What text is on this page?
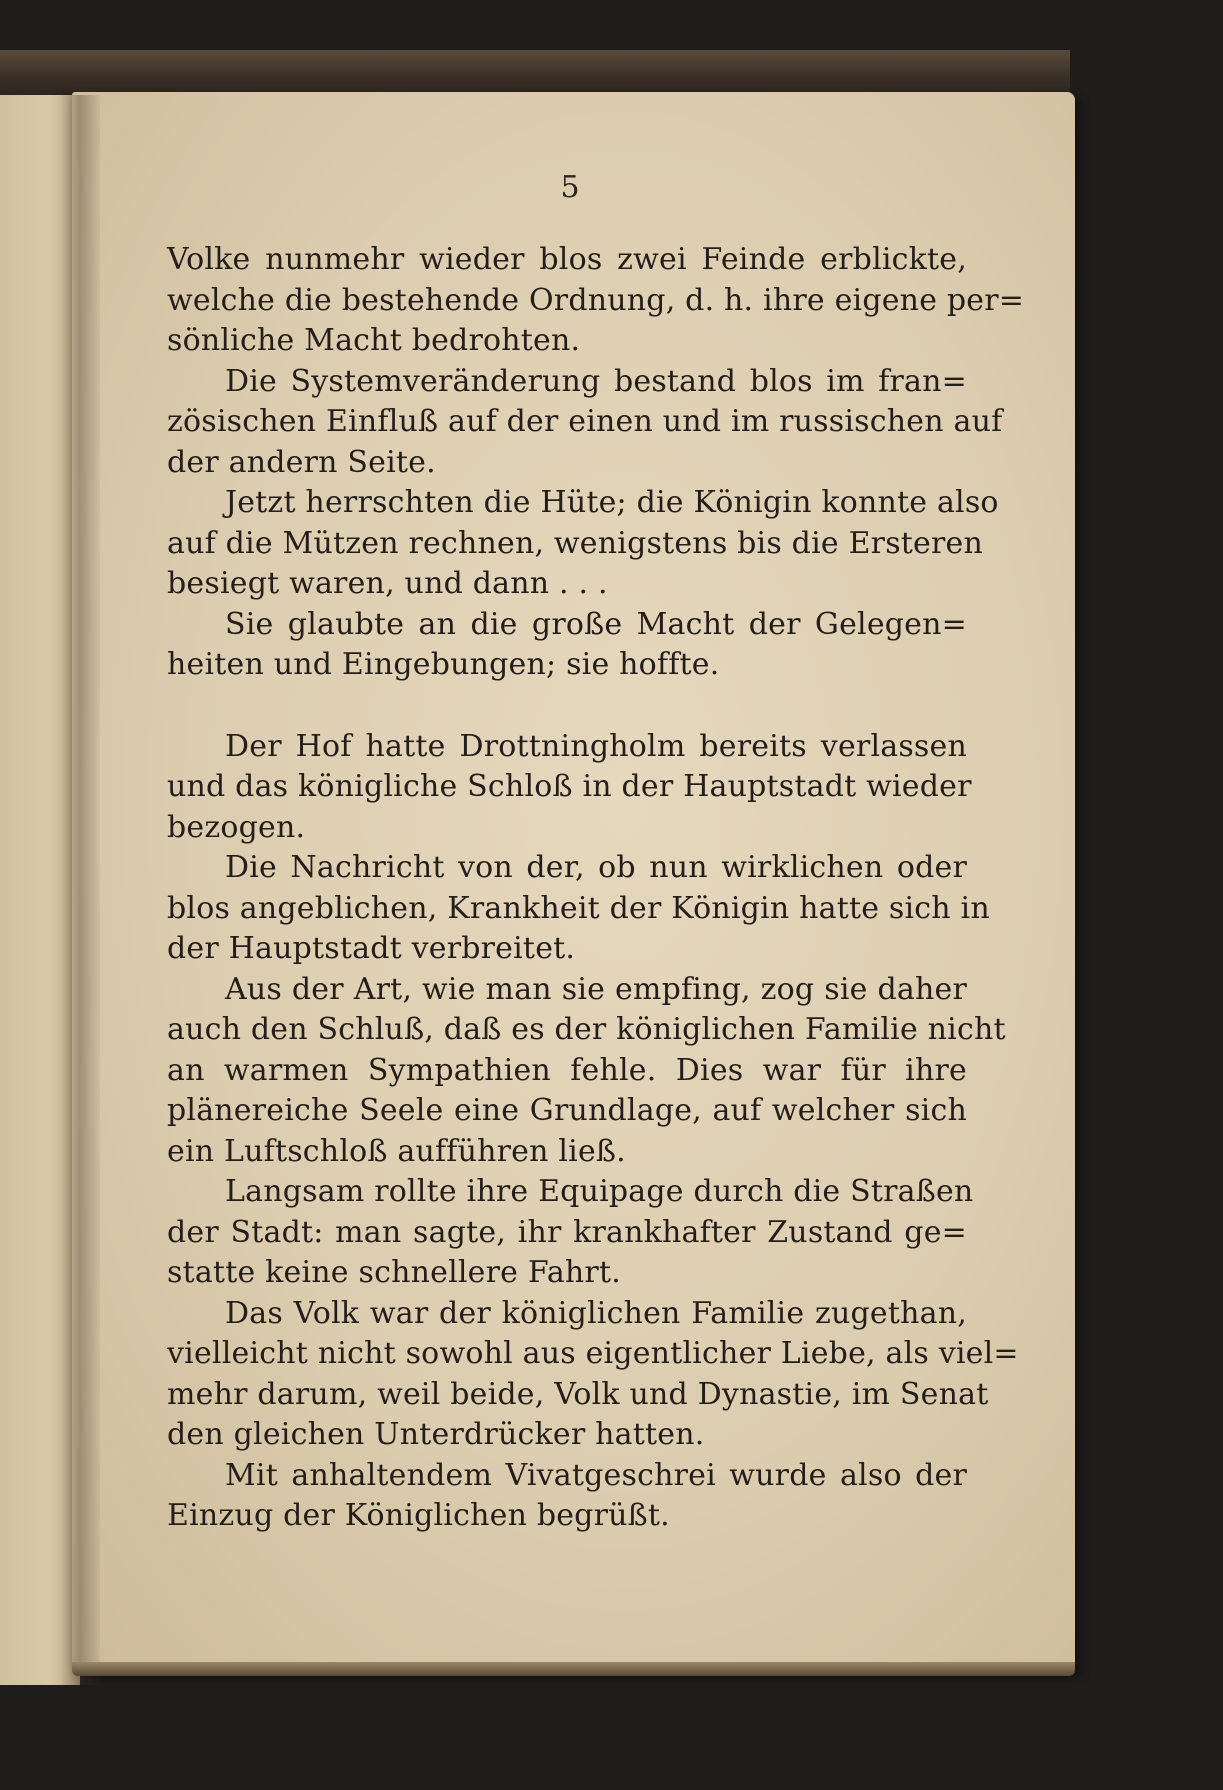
5
Volke nunmehr wieder blos zwei Feinde erblickte,
welche die bestehende Ordnung, d. h. ihre eigene per=
sönliche Macht bedrohten.
Die Systemveränderung bestand blos im fran=
zösischen Einfluß auf der einen und im russischen auf
der andern Seite.
Jetzt herrschten die Hüte; die Königin konnte also
auf die Mützen rechnen, wenigstens bis die Ersteren
besiegt waren, und dann . . .
Sie glaubte an die große Macht der Gelegen=
heiten und Eingebungen; sie hoffte.
Der Hof hatte Drottningholm bereits verlassen
und das königliche Schloß in der Hauptstadt wieder
bezogen.
Die Nachricht von der, ob nun wirklichen oder
blos angeblichen, Krankheit der Königin hatte sich in
der Hauptstadt verbreitet.
Aus der Art, wie man sie empfing, zog sie daher
auch den Schluß, daß es der königlichen Familie nicht
an warmen Sympathien fehle. Dies war für ihre
plänereiche Seele eine Grundlage, auf welcher sich
ein Luftschloß aufführen ließ.
Langsam rollte ihre Equipage durch die Straßen
der Stadt: man sagte, ihr krankhafter Zustand ge=
statte keine schnellere Fahrt.
Das Volk war der königlichen Familie zugethan,
vielleicht nicht sowohl aus eigentlicher Liebe, als viel=
mehr darum, weil beide, Volk und Dynastie, im Senat
den gleichen Unterdrücker hatten.
Mit anhaltendem Vivatgeschrei wurde also der
Einzug der Königlichen begrüßt.
